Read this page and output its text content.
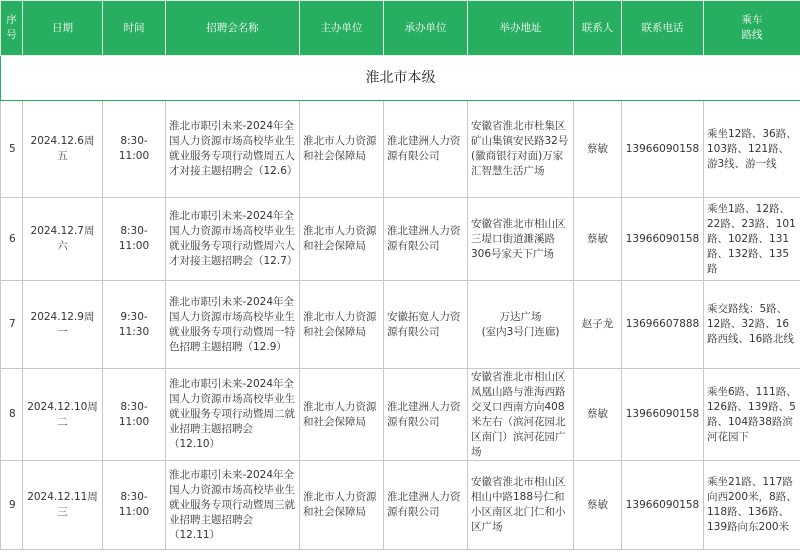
序
号	日期	时间	招聘会名称	主办单位	承办单位	举办地址	联系人	联系电话	乘车
路线
淮北市本级									
5	2024.12.6周五	8:30-11:00	淮北市职引未来-2024年全国人力资源市场高校毕业生就业服务专项行动暨周五人才对接主题招聘会（12.6）	淮北市人力资源和社会保障局	淮北建洲人力资源有限公司	安徽省淮北市杜集区矿山集镇安民路32号(徽商银行对面)万家汇智慧生活广场	蔡敏	13966090158	乘坐12路、36路、103路、121路、游3线、游一线
6	2024.12.7周六	8:30-11:00	淮北市职引未来-2024年全国人力资源市场高校毕业生就业服务专项行动暨周六人才对接主题招聘会（12.7）	淮北市人力资源和社会保障局	淮北建洲人力资源有限公司	安徽省淮北市相山区三堤口街道濉溪路306号家天下广场	蔡敏	13966090158	乘坐1路、12路、22路、23路、101路、102路、131路、132路、135路
7	2024.12.9周一	9:30-11:30	淮北市职引未来-2024年全国人力资源市场高校毕业生就业服务专项行动暨周一特色招聘主题招聘（12.9）	淮北市人力资源和社会保障局	安徽拓宽人力资源有限公司	万达广场
(室内3号门连廊)	赵子龙	13696607888	乘交路线：5路、12路、32路、16路西线、16路北线
8	2024.12.10周二	8:30-11:00	淮北市职引未来-2024年全国人力资源市场高校毕业生就业服务专项行动暨周二就业招聘主题招聘会（12.10）	淮北市人力资源和社会保障局	淮北建洲人力资源有限公司	安徽省淮北市相山区凤凰山路与淮海西路交叉口西南方向408米左右（滨河花园北区南门）滨河花园广场	蔡敏	13966090158	乘坐6路、111路、126路、139路、5路、104路38路滨河花园下
9	2024.12.11周三	8:30-11:00	淮北市职引未来-2024年全国人力资源市场高校毕业生就业服务专项行动暨周三就业招聘主题招聘会（12.11）	淮北市人力资源和社会保障局	淮北建洲人力资源有限公司	安徽省淮北市相山区相山中路188号仁和小区南区北门仁和小区广场	蔡敏	13966090158	乘坐21路、117路向西200米，8路、118路、136路、139路向东200米
